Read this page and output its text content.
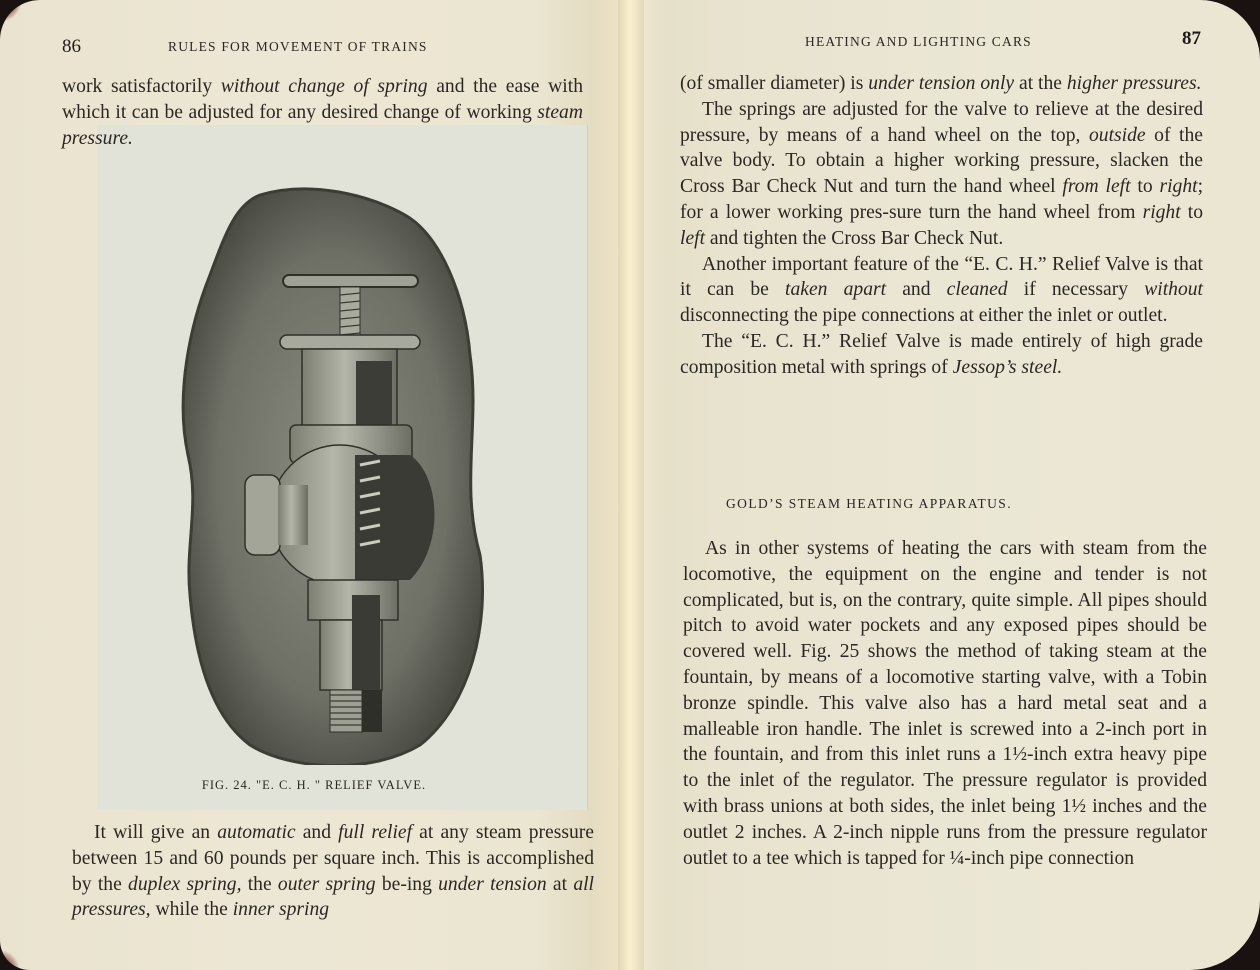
86	RULES FOR MOVEMENT OF TRAINS

work satisfactorily without change of spring and the ease with which it can be adjusted for any desired change of working steam pressure.

FIG. 24. "E. C. H. " RELIEF VALVE.

It will give an automatic and full relief at any steam pressure between 15 and 60 pounds per square inch. This is accomplished by the duplex spring, the outer spring be-ing under tension at all pressures, while the inner spring

HEATING AND LIGHTING CARS	87

(of smaller diameter) is under tension only at the higher pressures.

The springs are adjusted for the valve to relieve at the desired pressure, by means of a hand wheel on the top, outside of the valve body. To obtain a higher working pressure, slacken the Cross Bar Check Nut and turn the hand wheel from left to right; for a lower working pres-sure turn the hand wheel from right to left and tighten the Cross Bar Check Nut.

Another important feature of the “E. C. H.” Relief Valve is that it can be taken apart and cleaned if necessary without disconnecting the pipe connections at either the inlet or outlet.

The “E. C. H.” Relief Valve is made entirely of high grade composition metal with springs of Jessop’s steel.

GOLD’S STEAM HEATING APPARATUS.

As in other systems of heating the cars with steam from the locomotive, the equipment on the engine and tender is not complicated, but is, on the contrary, quite simple. All pipes should pitch to avoid water pockets and any exposed pipes should be covered well. Fig. 25 shows the method of taking steam at the fountain, by means of a locomotive starting valve, with a Tobin bronze spindle. This valve also has a hard metal seat and a malleable iron handle. The inlet is screwed into a 2-inch port in the fountain, and from this inlet runs a 1½-inch extra heavy pipe to the inlet of the regulator. The pressure regulator is provided with brass unions at both sides, the inlet being 1½ inches and the outlet 2 inches. A 2-inch nipple runs from the pressure regulator outlet to a tee which is tapped for ¼-inch pipe connection
